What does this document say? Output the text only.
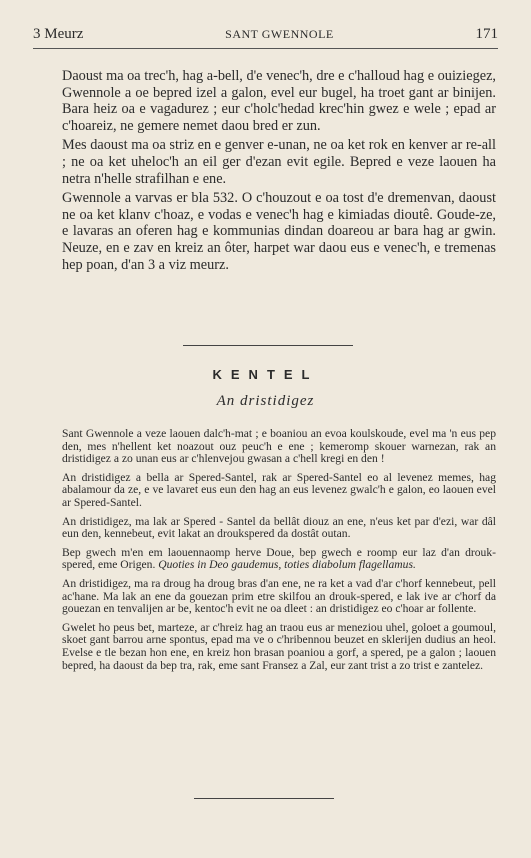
3 Meurz	SANT GWENNOLE	171

Daoust ma oa trec'h, hag a-bell, d'e venec'h, dre e c'halloud hag e ouiziegez, Gwennole a oe bepred izel a galon, evel eur bugel, ha troet gant ar binijen. Bara heiz oa e vagadurez ; eur c'holc'hedad krec'hin gwez e wele ; epad ar c'hoareiz, ne gemere nemet daou bred er zun.

Mes daoust ma oa striz en e genver e-unan, ne oa ket rok en kenver ar re-all ; ne oa ket uheloc'h an eil ger d'ezan evit egile. Bepred e veze laouen ha netra n'helle strafilhan e ene.

Gwennole a varvas er bla 532. O c'houzout e oa tost d'e dremenvan, daoust ne oa ket klanv c'hoaz, e vodas e venec'h hag e kimiadas dioutê. Goude-ze, e lavaras an oferen hag e kommunias dindan doareou ar bara hag ar gwin. Neuze, en e zav en kreiz an ôter, harpet war daou eus e venec'h, e tremenas hep poan, d'an 3 a viz meurz.

KENTEL
An dristidigez

Sant Gwennole a veze laouen dalc'h-mat ; e boaniou an evoa koulskoude, evel ma 'n eus pep den, mes n'hellent ket noazout ouz peuc'h e ene ; kemeromp skouer warnezan, rak an dristidigez a zo unan eus ar c'hlenvejou gwasan a c'hell kregi en den !

An dristidigez a bella ar Spered-Santel, rak ar Spered-Santel eo al levenez memes, hag abalamour da ze, e ve lavaret eus eun den hag an eus levenez gwalc'h e galon, eo laouen evel ar Spered-Santel.

An dristidigez, ma lak ar Spered - Santel da bellât diouz an ene, n'eus ket par d'ezi, war dâl eun den, kennebeut, evit lakat an droukspered da dostât outan.

Bep gwech m'en em laouennaomp herve Doue, bep gwech e roomp eur laz d'an drouk-spered, eme Origen. Quoties in Deo gaudemus, toties diabolum flagellamus.

An dristidigez, ma ra droug ha droug bras d'an ene, ne ra ket a vad d'ar c'horf kennebeut, pell ac'hane. Ma lak an ene da gouezan prim etre skilfou an drouk-spered, e lak ive ar c'horf da gouezan en tenvalijen ar be, kentoc'h evit ne oa dleet : an dristidigez eo c'hoar ar follente.

Gwelet ho peus bet, marteze, ar c'hreiz hag an traou eus ar meneziou uhel, goloet a goumoul, skoet gant barrou arne spontus, epad ma ve o c'hribennou beuzet en sklerijen dudius an heol. Evelse e tle bezan hon ene, en kreiz hon brasan poaniou a gorf, a spered, pe a galon ; laouen bepred, ha daoust da bep tra, rak, eme sant Fransez a Zal, eur zant trist a zo trist e zantelez.
